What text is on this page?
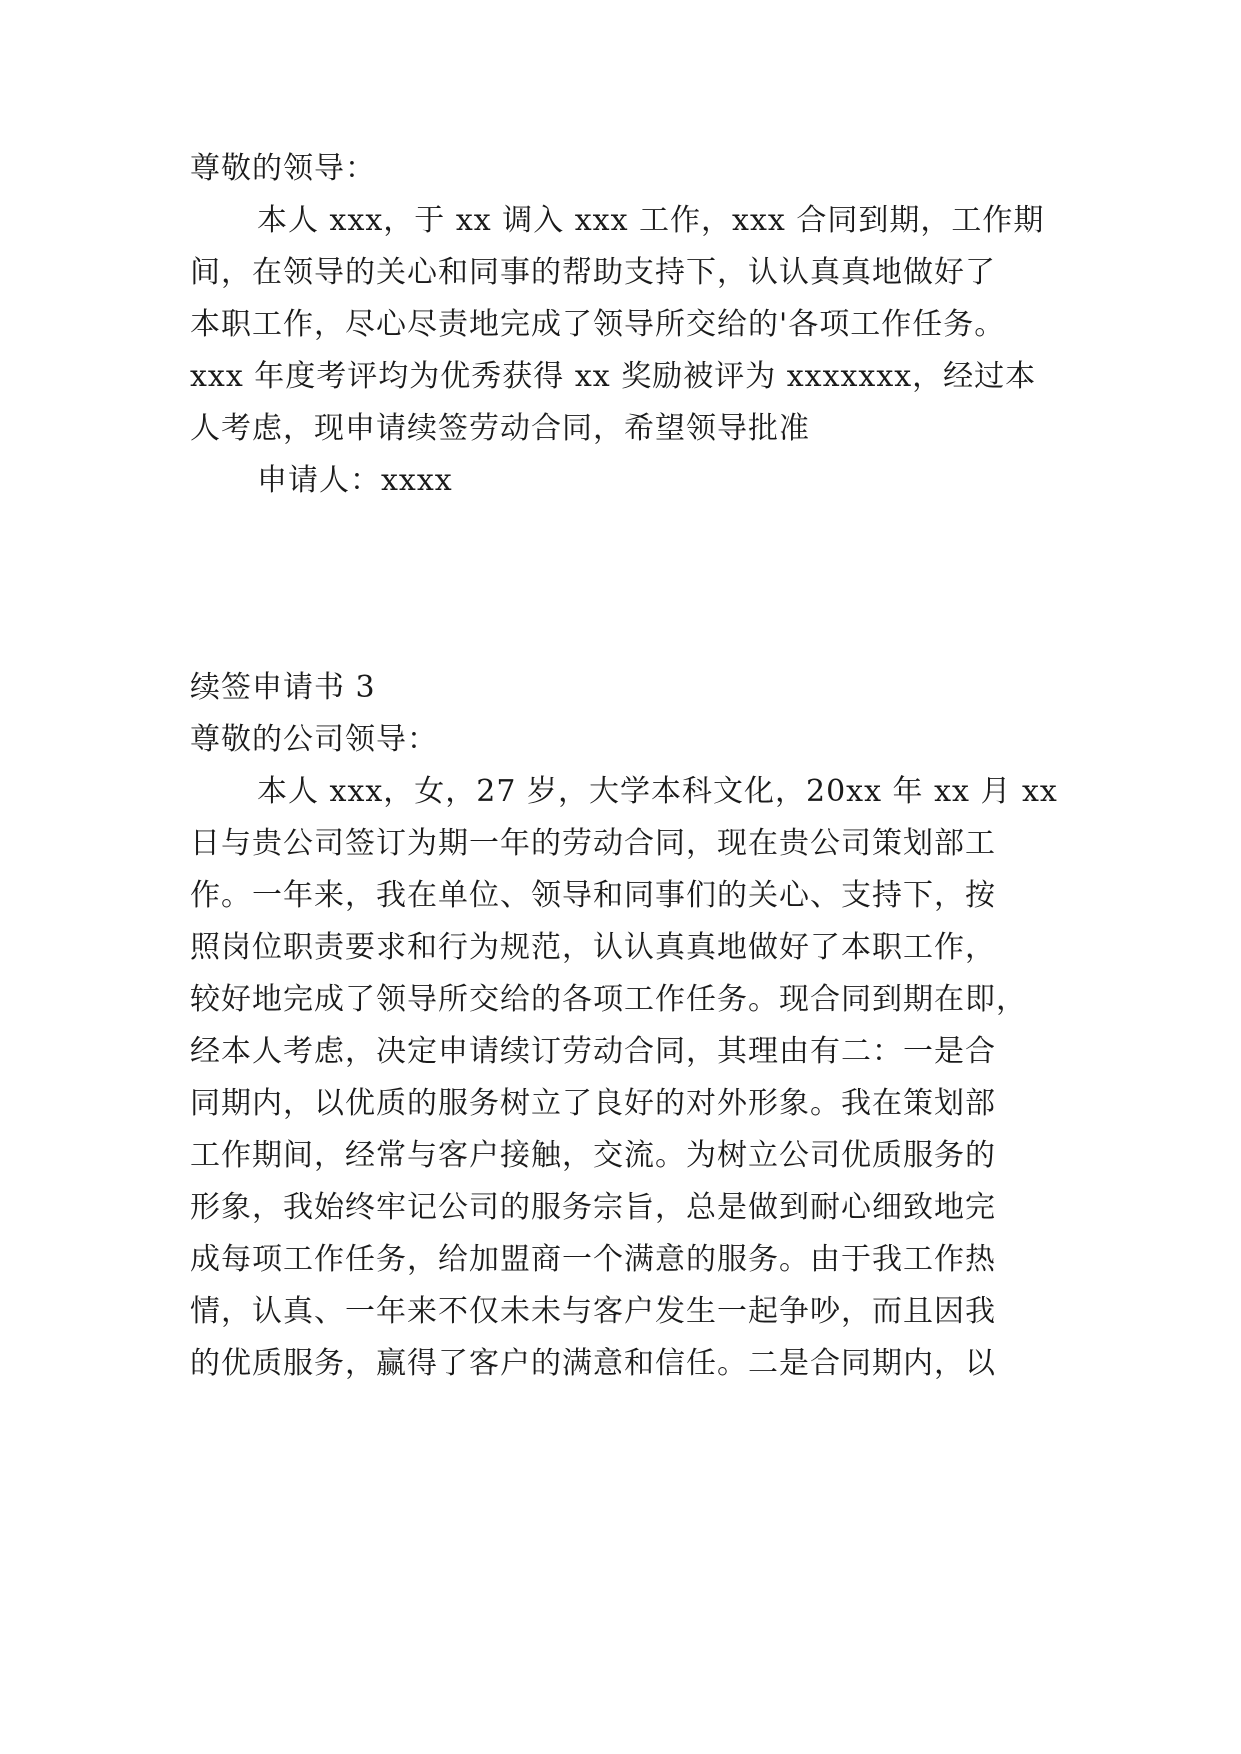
尊敬的领导：
本人 xxx，于 xx 调入 xxx 工作，xxx 合同到期，工作期
间，在领导的关心和同事的帮助支持下，认认真真地做好了
本职工作，尽心尽责地完成了领导所交给的'各项工作任务。
xxx 年度考评均为优秀获得 xx 奖励被评为 xxxxxxx，经过本
人考虑，现申请续签劳动合同，希望领导批准
申请人：xxxx
续签申请书 3
尊敬的公司领导：
本人 xxx，女，27 岁，大学本科文化，20xx 年 xx 月 xx
日与贵公司签订为期一年的劳动合同，现在贵公司策划部工
作。一年来，我在单位、领导和同事们的关心、支持下，按
照岗位职责要求和行为规范，认认真真地做好了本职工作，
较好地完成了领导所交给的各项工作任务。现合同到期在即，
经本人考虑，决定申请续订劳动合同，其理由有二：一是合
同期内，以优质的服务树立了良好的对外形象。我在策划部
工作期间，经常与客户接触，交流。为树立公司优质服务的
形象，我始终牢记公司的服务宗旨，总是做到耐心细致地完
成每项工作任务，给加盟商一个满意的服务。由于我工作热
情，认真、一年来不仅未未与客户发生一起争吵，而且因我
的优质服务，赢得了客户的满意和信任。二是合同期内，以
